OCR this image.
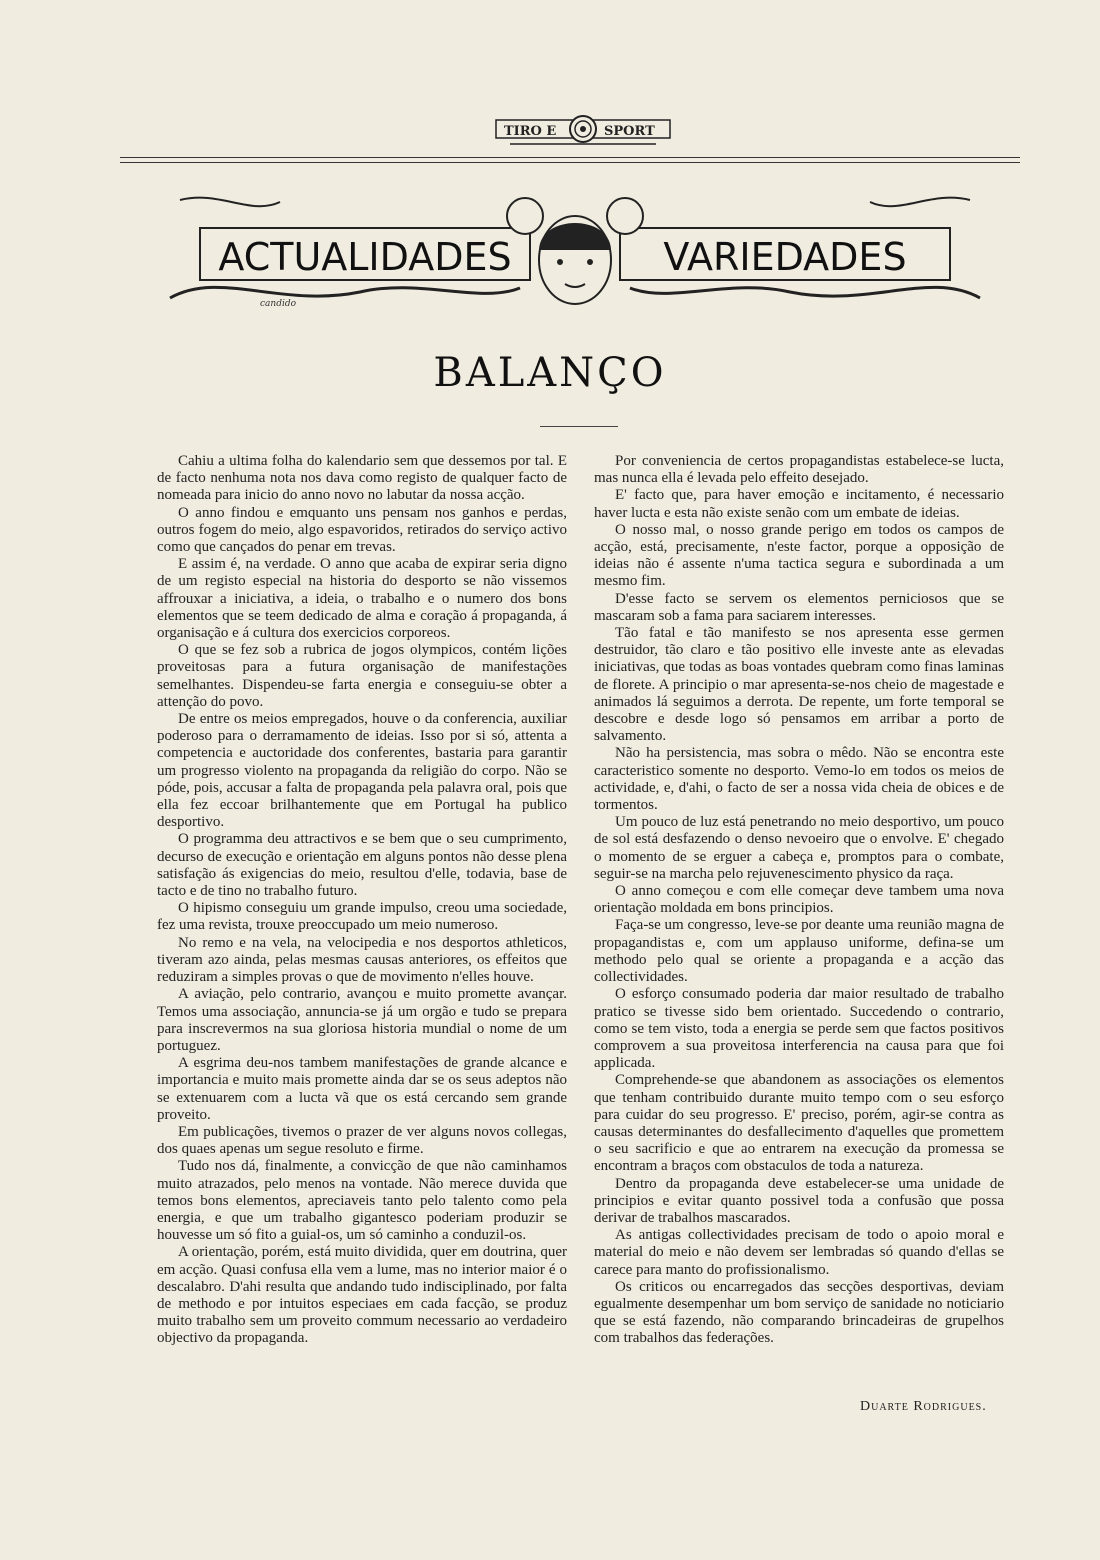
TIRO E	SPORT
ACTUALIDADES	VARIEDADES
candido
BALANÇO

Cahiu a ultima folha do kalendario sem que dessemos por tal. E de facto nenhuma nota nos dava como registo de qualquer facto de nomeada para inicio do anno novo no labutar da nossa acção.

O anno findou e emquanto uns pensam nos ganhos e perdas, outros fogem do meio, algo espavoridos, retirados do serviço activo como que cançados do penar em trevas.

E assim é, na verdade. O anno que acaba de expirar seria digno de um registo especial na historia do desporto se não vissemos affrouxar a iniciativa, a ideia, o trabalho e o numero dos bons elementos que se teem dedicado de alma e coração á propaganda, á organisação e á cultura dos exercicios corporeos.

O que se fez sob a rubrica de jogos olympicos, contém lições proveitosas para a futura organisação de manifestações semelhantes. Dispendeu-se farta energia e conseguiu-se obter a attenção do povo.

De entre os meios empregados, houve o da conferencia, auxiliar poderoso para o derramamento de ideias. Isso por si só, attenta a competencia e auctoridade dos conferentes, bastaria para garantir um progresso violento na propaganda da religião do corpo. Não se póde, pois, accusar a falta de propaganda pela palavra oral, pois que ella fez eccoar brilhantemente que em Portugal ha publico desportivo.

O programma deu attractivos e se bem que o seu cumprimento, decurso de execução e orientação em alguns pontos não desse plena satisfação ás exigencias do meio, resultou d'elle, todavia, base de tacto e de tino no trabalho futuro.

O hipismo conseguiu um grande impulso, creou uma sociedade, fez uma revista, trouxe preoccupado um meio numeroso.

No remo e na vela, na velocipedia e nos desportos athleticos, tiveram azo ainda, pelas mesmas causas anteriores, os effeitos que reduziram a simples provas o que de movimento n'elles houve.

A aviação, pelo contrario, avançou e muito promette avançar. Temos uma associação, annuncia-se já um orgão e tudo se prepara para inscrevermos na sua gloriosa historia mundial o nome de um portuguez.

A esgrima deu-nos tambem manifestações de grande alcance e importancia e muito mais promette ainda dar se os seus adeptos não se extenuarem com a lucta vã que os está cercando sem grande proveito.

Em publicações, tivemos o prazer de ver alguns novos collegas, dos quaes apenas um segue resoluto e firme.

Tudo nos dá, finalmente, a convicção de que não caminhamos muito atrazados, pelo menos na vontade. Não merece duvida que temos bons elementos, apreciaveis tanto pelo talento como pela energia, e que um trabalho gigantesco poderiam produzir se houvesse um só fito a guial-os, um só caminho a conduzil-os.

A orientação, porém, está muito dividida, quer em doutrina, quer em acção. Quasi confusa ella vem a lume, mas no interior maior é o descalabro. D'ahi resulta que andando tudo indisciplinado, por falta de methodo e por intuitos especiaes em cada facção, se produz muito trabalho sem um proveito commum necessario ao verdadeiro objectivo da propaganda.

Por conveniencia de certos propagandistas estabelece-se lucta, mas nunca ella é levada pelo effeito desejado.

E' facto que, para haver emoção e incitamento, é necessario haver lucta e esta não existe senão com um embate de ideias.

O nosso mal, o nosso grande perigo em todos os campos de acção, está, precisamente, n'este factor, porque a opposição de ideias não é assente n'uma tactica segura e subordinada a um mesmo fim.

D'esse facto se servem os elementos perniciosos que se mascaram sob a fama para saciarem interesses.

Tão fatal e tão manifesto se nos apresenta esse germen destruidor, tão claro e tão positivo elle investe ante as elevadas iniciativas, que todas as boas vontades quebram como finas laminas de florete. A principio o mar apresenta-se-nos cheio de magestade e animados lá seguimos a derrota. De repente, um forte temporal se descobre e desde logo só pensamos em arribar a porto de salvamento.

Não ha persistencia, mas sobra o mêdo. Não se encontra este caracteristico somente no desporto. Vemo-lo em todos os meios de actividade, e, d'ahi, o facto de ser a nossa vida cheia de obices e de tormentos.

Um pouco de luz está penetrando no meio desportivo, um pouco de sol está desfazendo o denso nevoeiro que o envolve. E' chegado o momento de se erguer a cabeça e, promptos para o combate, seguir-se na marcha pelo rejuvenescimento physico da raça.

O anno começou e com elle começar deve tambem uma nova orientação moldada em bons principios.

Faça-se um congresso, leve-se por deante uma reunião magna de propagandistas e, com um applauso uniforme, defina-se um methodo pelo qual se oriente a propaganda e a acção das collectividades.

O esforço consumado poderia dar maior resultado de trabalho pratico se tivesse sido bem orientado. Succedendo o contrario, como se tem visto, toda a energia se perde sem que factos positivos comprovem a sua proveitosa interferencia na causa para que foi applicada.

Comprehende-se que abandonem as associações os elementos que tenham contribuido durante muito tempo com o seu esforço para cuidar do seu progresso. E' preciso, porém, agir-se contra as causas determinantes do desfallecimento d'aquelles que promettem o seu sacrificio e que ao entrarem na execução da promessa se encontram a braços com obstaculos de toda a natureza.

Dentro da propaganda deve estabelecer-se uma unidade de principios e evitar quanto possivel toda a confusão que possa derivar de trabalhos mascarados.

As antigas collectividades precisam de todo o apoio moral e material do meio e não devem ser lembradas só quando d'ellas se carece para manto do profissionalismo.

Os criticos ou encarregados das secções desportivas, deviam egualmente desempenhar um bom serviço de sanidade no noticiario que se está fazendo, não comparando brincadeiras de grupelhos com trabalhos das federações.

Duarte Rodrigues.
